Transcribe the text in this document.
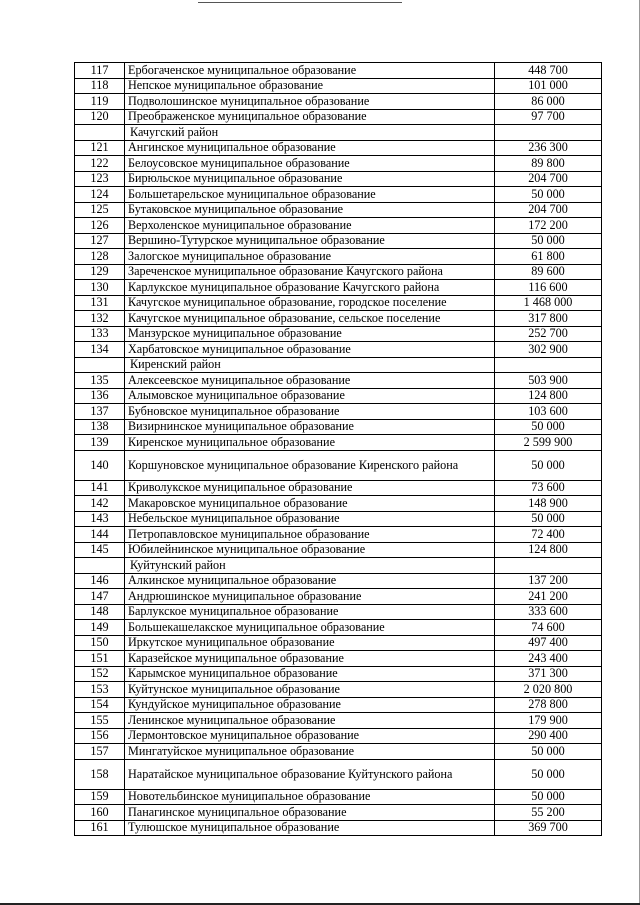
117	Ербогаченское муниципальное образование	448 700
118	Непское муниципальное образование	101 000
119	Подволошинское муниципальное образование	86 000
120	Преображенское муниципальное образование	97 700
	Качугский район	
121	Ангинское муниципальное образование	236 300
122	Белоусовское муниципальное образование	89 800
123	Бирюльское муниципальное образование	204 700
124	Большетарельское муниципальное образование	50 000
125	Бутаковское муниципальное образование	204 700
126	Верхоленское муниципальное образование	172 200
127	Вершино-Тутурское муниципальное образование	50 000
128	Залогское муниципальное образование	61 800
129	Зареченское муниципальное образование Качугского района	89 600
130	Карлукское муниципальное образование Качугского района	116 600
131	Качугское муниципальное образование, городское поселение	1 468 000
132	Качугское муниципальное образование, сельское поселение	317 800
133	Манзурское муниципальное образование	252 700
134	Харбатовское муниципальное образование	302 900
	Киренский район	
135	Алексеевское муниципальное образование	503 900
136	Алымовское муниципальное образование	124 800
137	Бубновское муниципальное образование	103 600
138	Визирнинское муниципальное образование	50 000
139	Киренское муниципальное образование	2 599 900
140	Коршуновское муниципальное образование Киренского района	50 000
141	Криволукское муниципальное образование	73 600
142	Макаровское муниципальное образование	148 900
143	Небельское муниципальное образование	50 000
144	Петропавловское муниципальное образование	72 400
145	Юбилейнинское муниципальное образование	124 800
	Куйтунский район	
146	Алкинское муниципальное образование	137 200
147	Андрюшинское муниципальное образование	241 200
148	Барлукское муниципальное образование	333 600
149	Большекашелакское муниципальное образование	74 600
150	Иркутское муниципальное образование	497 400
151	Каразейское муниципальное образование	243 400
152	Карымское муниципальное образование	371 300
153	Куйтунское муниципальное образование	2 020 800
154	Кундуйское муниципальное образование	278 800
155	Ленинское муниципальное образование	179 900
156	Лермонтовское муниципальное образование	290 400
157	Мингатуйское муниципальное образование	50 000
158	Наратайское муниципальное образование Куйтунского района	50 000
159	Новотельбинское муниципальное образование	50 000
160	Панагинское муниципальное образование	55 200
161	Тулюшское муниципальное образование	369 700
